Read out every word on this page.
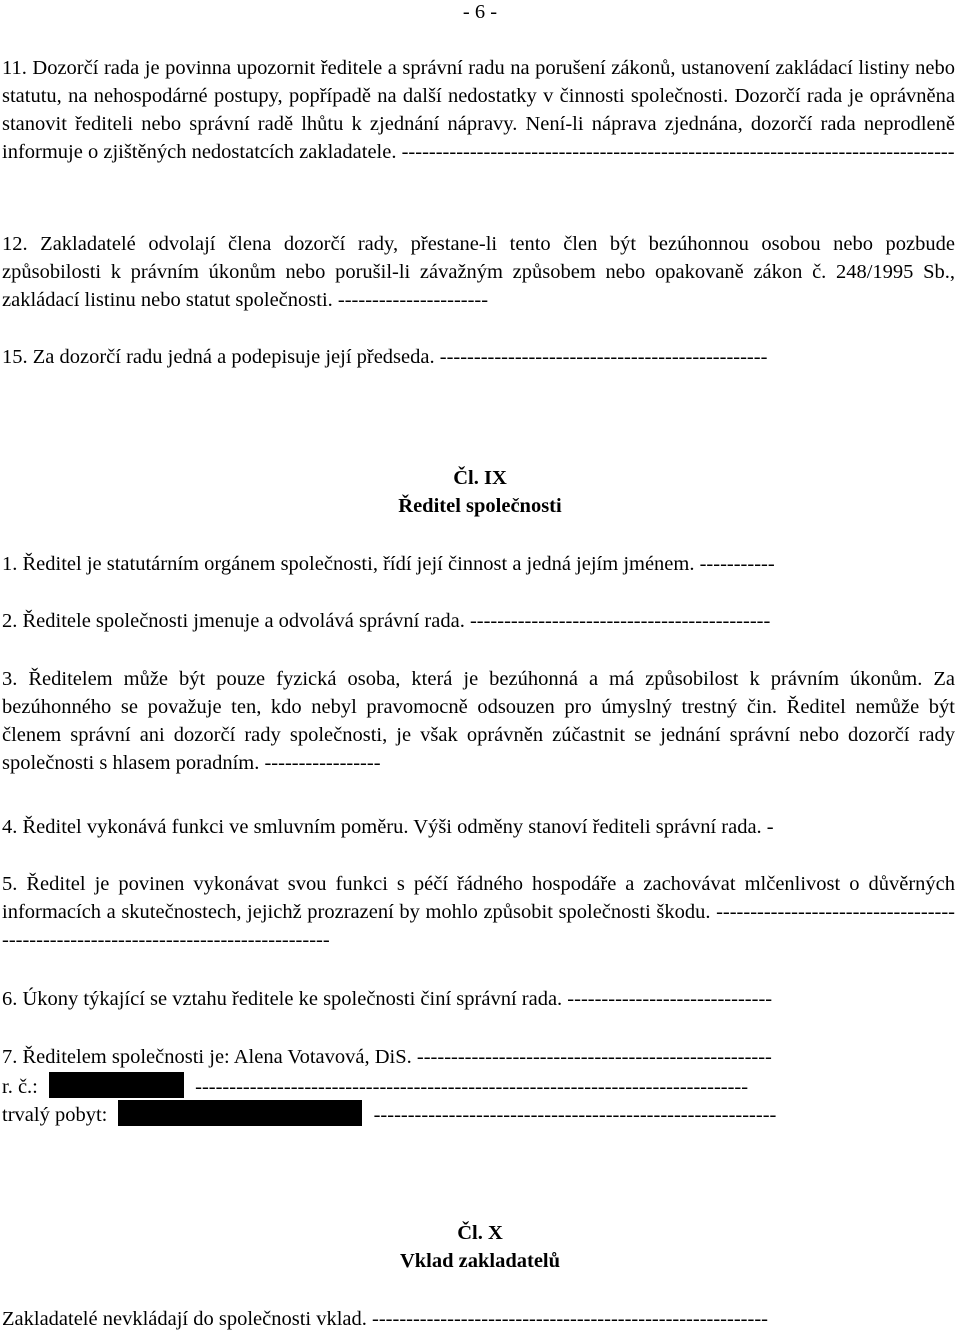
- 6 -
11. Dozorčí rada je povinna upozornit ředitele a správní radu na porušení zákonů, ustanovení zakládací listiny nebo statutu, na nehospodárné postupy, popřípadě na další nedostatky v činnosti společnosti. Dozorčí rada je oprávněna stanovit řediteli nebo správní radě lhůtu k zjednání nápravy. Není-li náprava zjednána, dozorčí rada neprodleně informuje o zjištěných nedostatcích zakladatele. ---------------------------------------------------------------------------------
12. Zakladatelé odvolají člena dozorčí rady, přestane-li tento člen být bezúhonnou osobou nebo pozbude způsobilosti k právním úkonům nebo porušil-li závažným způsobem nebo opakovaně zákon č. 248/1995 Sb., zakládací listinu nebo statut společnosti. ----------------------
15. Za dozorčí radu jedná a podepisuje její předseda. ------------------------------------------------
Čl. IX
Ředitel společnosti
1. Ředitel je statutárním orgánem společnosti, řídí její činnost a jedná jejím jménem. -----------
2. Ředitele společnosti jmenuje a odvolává správní rada. --------------------------------------------
3. Ředitelem může být pouze fyzická osoba, která je bezúhonná a má způsobilost k právním úkonům. Za bezúhonného se považuje ten, kdo nebyl pravomocně odsouzen pro úmyslný trestný čin. Ředitel nemůže být členem správní ani dozorčí rady společnosti, je však oprávněn zúčastnit se jednání správní nebo dozorčí rady společnosti s hlasem poradním. -----------------
4. Ředitel vykonává funkci ve smluvním poměru. Výši odměny stanoví řediteli správní rada. -
5. Ředitel je povinen vykonávat svou funkci s péčí řádného hospodáře a zachovávat mlčenlivost o důvěrných informacích a skutečnostech, jejichž prozrazení by mohlo způsobit společnosti škodu. -----------------------------------------------------------------------------------
6. Úkony týkající se vztahu ředitele ke společnosti činí správní rada. ------------------------------
7. Ředitelem společnosti je: Alena Votavová, DiS. ----------------------------------------------------
r. č.:	---------------------------------------------------------------------------------
trvalý pobyt:	-----------------------------------------------------------
Čl. X
Vklad zakladatelů
Zakladatelé nevkládají do společnosti vklad. ----------------------------------------------------------
